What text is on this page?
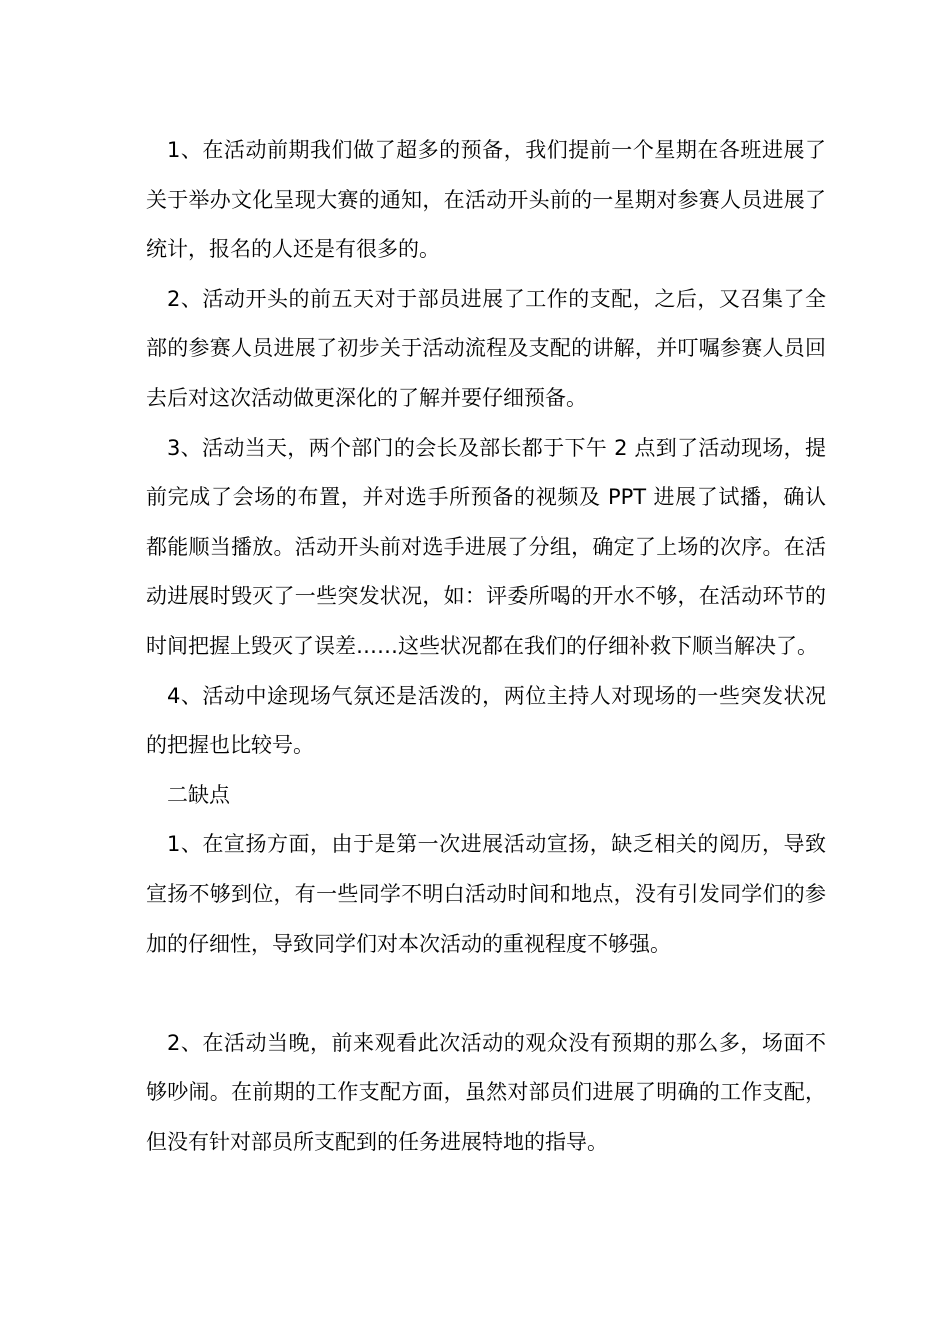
1、在活动前期我们做了超多的预备，我们提前一个星期在各班进展了关于举办文化呈现大赛的通知，在活动开头前的一星期对参赛人员进展了统计，报名的人还是有很多的。

2、活动开头的前五天对于部员进展了工作的支配，之后，又召集了全部的参赛人员进展了初步关于活动流程及支配的讲解，并叮嘱参赛人员回去后对这次活动做更深化的了解并要仔细预备。

3、活动当天，两个部门的会长及部长都于下午 2 点到了活动现场，提前完成了会场的布置，并对选手所预备的视频及 PPT 进展了试播，确认都能顺当播放。活动开头前对选手进展了分组，确定了上场的次序。在活动进展时毁灭了一些突发状况，如：评委所喝的开水不够，在活动环节的时间把握上毁灭了误差……这些状况都在我们的仔细补救下顺当解决了。

4、活动中途现场气氛还是活泼的，两位主持人对现场的一些突发状况的把握也比较号。

二缺点

1、在宣扬方面，由于是第一次进展活动宣扬，缺乏相关的阅历，导致宣扬不够到位，有一些同学不明白活动时间和地点，没有引发同学们的参加的仔细性，导致同学们对本次活动的重视程度不够强。

2、在活动当晚，前来观看此次活动的观众没有预期的那么多，场面不够吵闹。在前期的工作支配方面，虽然对部员们进展了明确的工作支配，但没有针对部员所支配到的任务进展特地的指导。
